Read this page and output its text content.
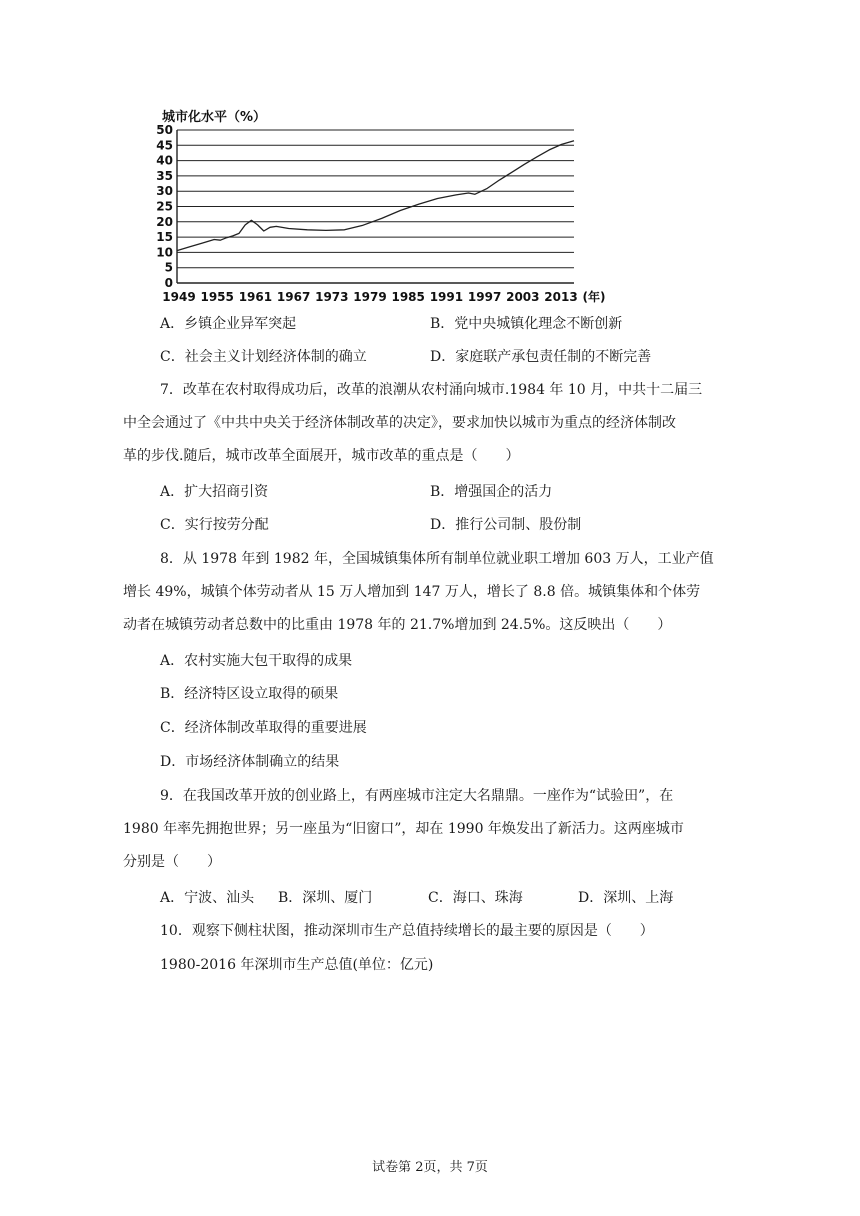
城市化水平（%）
0
5
10
15
20
25
30
35
40
45
50
1949 1955 1961 1967 1973 1979 1985 1991 1997 2003 2013 (年)
A．乡镇企业异军突起	B．党中央城镇化理念不断创新
C．社会主义计划经济体制的确立	D．家庭联产承包责任制的不断完善
7．改革在农村取得成功后，改革的浪潮从农村涌向城市.1984 年 10 月，中共十二届三
中全会通过了《中共中央关于经济体制改革的决定》，要求加快以城市为重点的经济体制改
革的步伐.随后，城市改革全面展开，城市改革的重点是（　　）
A．扩大招商引资	B．增强国企的活力
C．实行按劳分配	D．推行公司制、股份制
8．从 1978 年到 1982 年，全国城镇集体所有制单位就业职工增加 603 万人，工业产值
增长 49%，城镇个体劳动者从 15 万人增加到 147 万人，增长了 8.8 倍。城镇集体和个体劳
动者在城镇劳动者总数中的比重由 1978 年的 21.7%增加到 24.5%。这反映出（　　）
A．农村实施大包干取得的成果
B．经济特区设立取得的硕果
C．经济体制改革取得的重要进展
D．市场经济体制确立的结果
9．在我国改革开放的创业路上，有两座城市注定大名鼎鼎。一座作为“试验田”，在
1980 年率先拥抱世界；另一座虽为“旧窗口”，却在 1990 年焕发出了新活力。这两座城市
分别是（　　）
A．宁波、汕头 B．深圳、厦门	C．海口、珠海	D．深圳、上海
10．观察下侧柱状图，推动深圳市生产总值持续增长的最主要的原因是（　　）
1980-2016 年深圳市生产总值(单位：亿元)
试卷第 2页，共 7页
